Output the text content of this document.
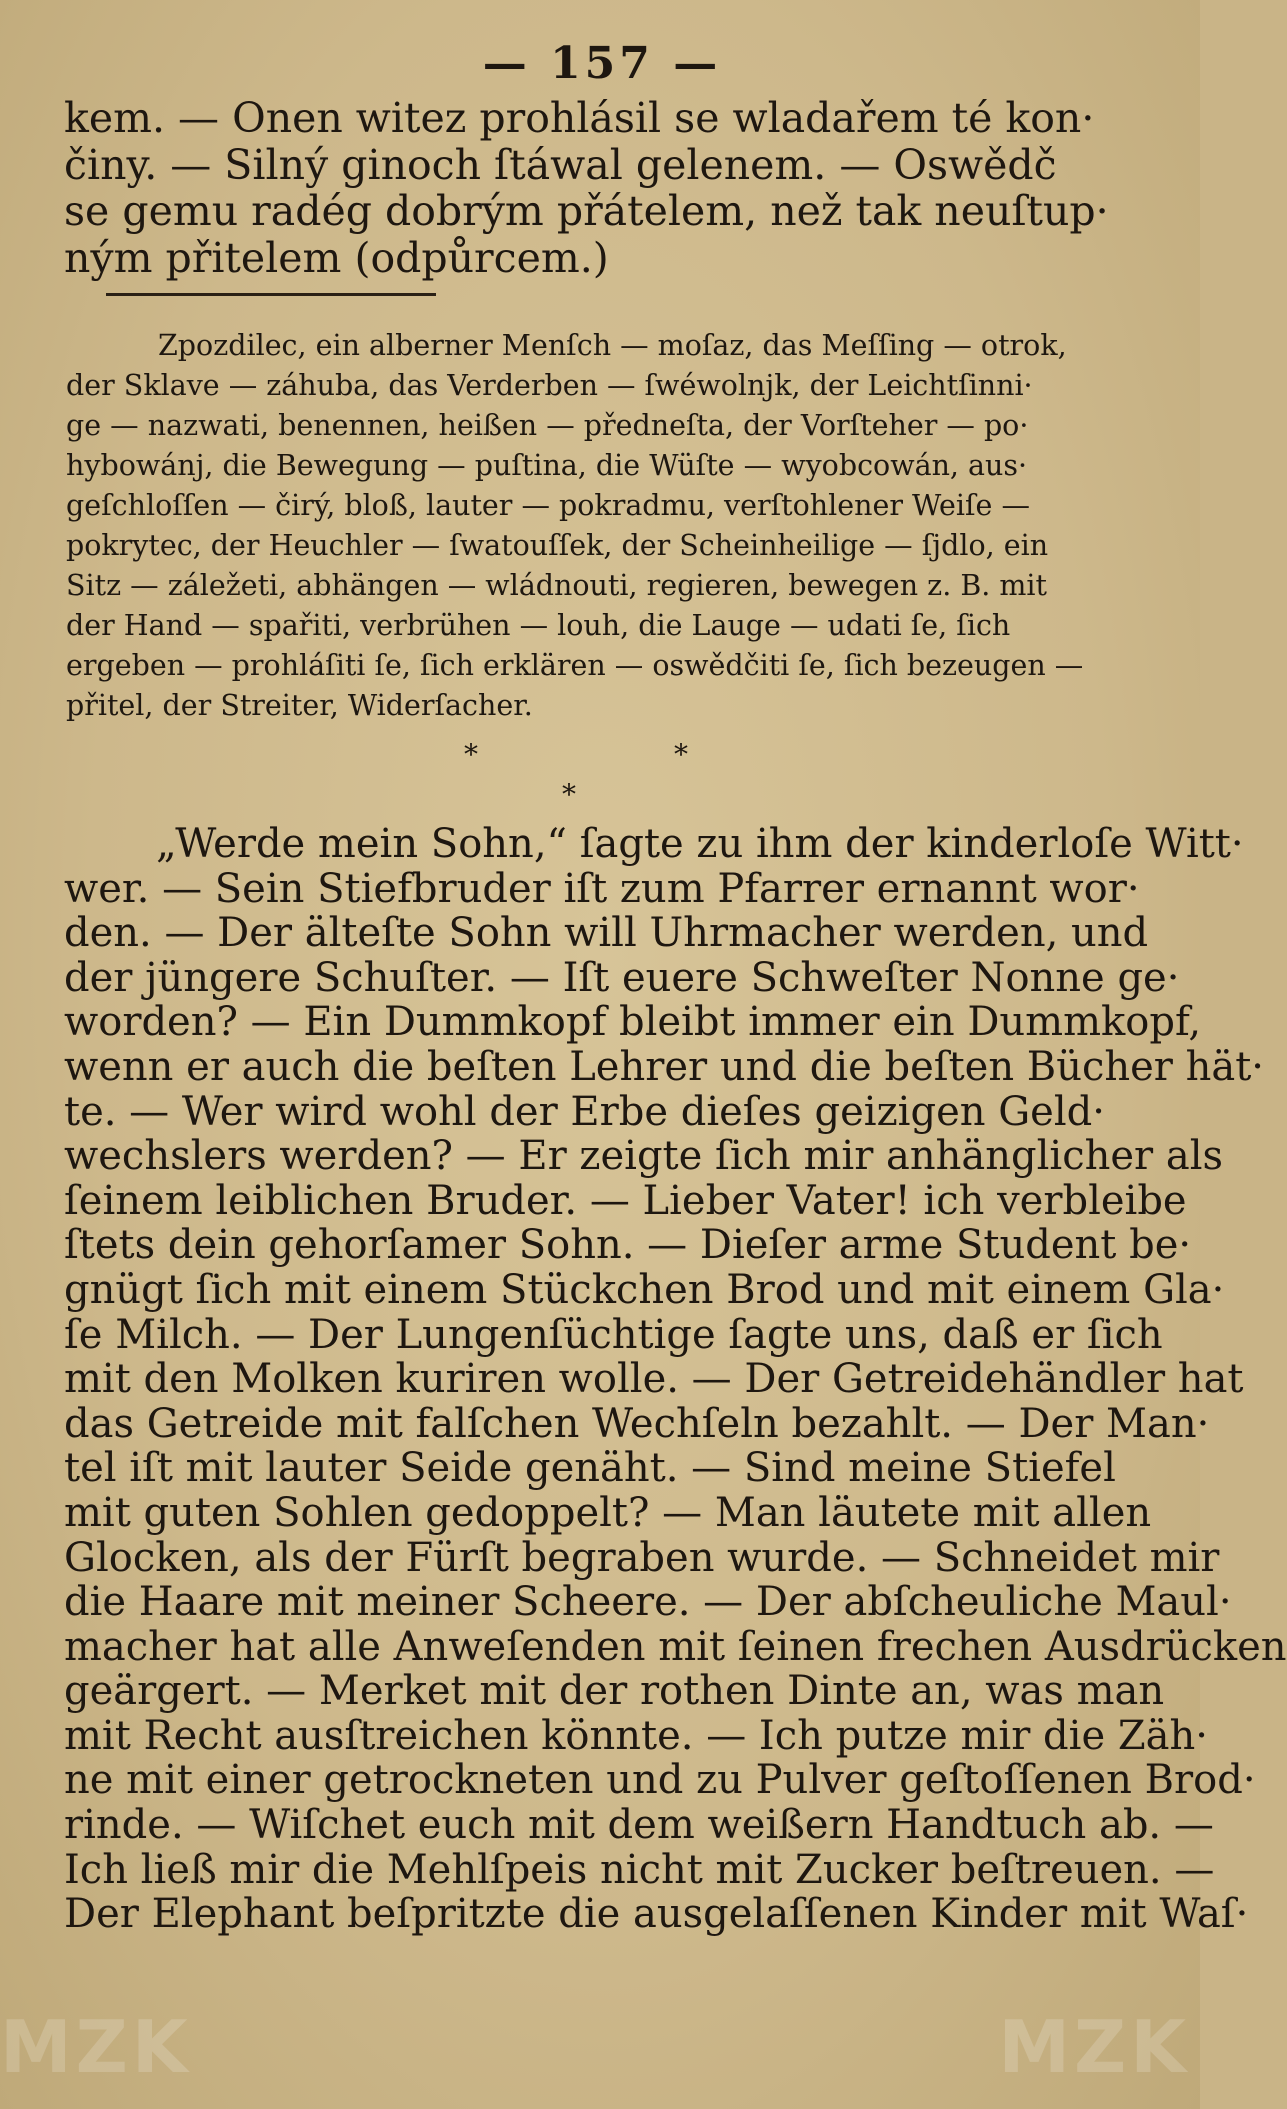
— 157 —
kem. — Onen witez prohlásil se wladařem té kon·
činy. — Silný ginoch ſtáwal gelenem. — Oswědč
se gemu radég dobrým přátelem, než tak neuſtup·
ným přitelem (odpůrcem.)
Zpozdilec, ein alberner Menſch — moſaz, das Meſſing — otrok,
der Sklave — záhuba, das Verderben — ſwéwolnjk, der Leichtſinni·
ge — nazwati, benennen, heißen — předneſta, der Vorſteher — po·
hybowánj, die Bewegung — puſtina, die Wüſte — wyobcowán, aus·
geſchloſſen — čirý, bloß, lauter — pokradmu, verſtohlener Weiſe —
pokrytec, der Heuchler — ſwatouſſek, der Scheinheilige — ſjdlo, ein
Sitz — záležeti, abhängen — wládnouti, regieren, bewegen z. B. mit
der Hand — spařiti, verbrühen — louh, die Lauge — udati ſe, ſich
ergeben — prohláſiti ſe, ſich erklären — oswědčiti ſe, ſich bezeugen —
přitel, der Streiter, Widerſacher.
*	*
*
„Werde mein Sohn,“ ſagte zu ihm der kinderloſe Witt·
wer. — Sein Stiefbruder iſt zum Pfarrer ernannt wor·
den. — Der älteſte Sohn will Uhrmacher werden, und
der jüngere Schuſter. — Iſt euere Schweſter Nonne ge·
worden? — Ein Dummkopf bleibt immer ein Dummkopf,
wenn er auch die beſten Lehrer und die beſten Bücher hät·
te. — Wer wird wohl der Erbe dieſes geizigen Geld·
wechslers werden? — Er zeigte ſich mir anhänglicher als
ſeinem leiblichen Bruder. — Lieber Vater! ich verbleibe
ſtets dein gehorſamer Sohn. — Dieſer arme Student be·
gnügt ſich mit einem Stückchen Brod und mit einem Gla·
ſe Milch. — Der Lungenſüchtige ſagte uns, daß er ſich
mit den Molken kuriren wolle. — Der Getreidehändler hat
das Getreide mit falſchen Wechſeln bezahlt. — Der Man·
tel iſt mit lauter Seide genäht. — Sind meine Stiefel
mit guten Sohlen gedoppelt? — Man läutete mit allen
Glocken, als der Fürſt begraben wurde. — Schneidet mir
die Haare mit meiner Scheere. — Der abſcheuliche Maul·
macher hat alle Anweſenden mit ſeinen frechen Ausdrücken
geärgert. — Merket mit der rothen Dinte an, was man
mit Recht ausſtreichen könnte. — Ich putze mir die Zäh·
ne mit einer getrockneten und zu Pulver geſtoſſenen Brod·
rinde. — Wiſchet euch mit dem weißern Handtuch ab. —
Ich ließ mir die Mehlſpeis nicht mit Zucker beſtreuen. —
Der Elephant beſpritzte die ausgelaſſenen Kinder mit Waſ·
MZK	MZK
